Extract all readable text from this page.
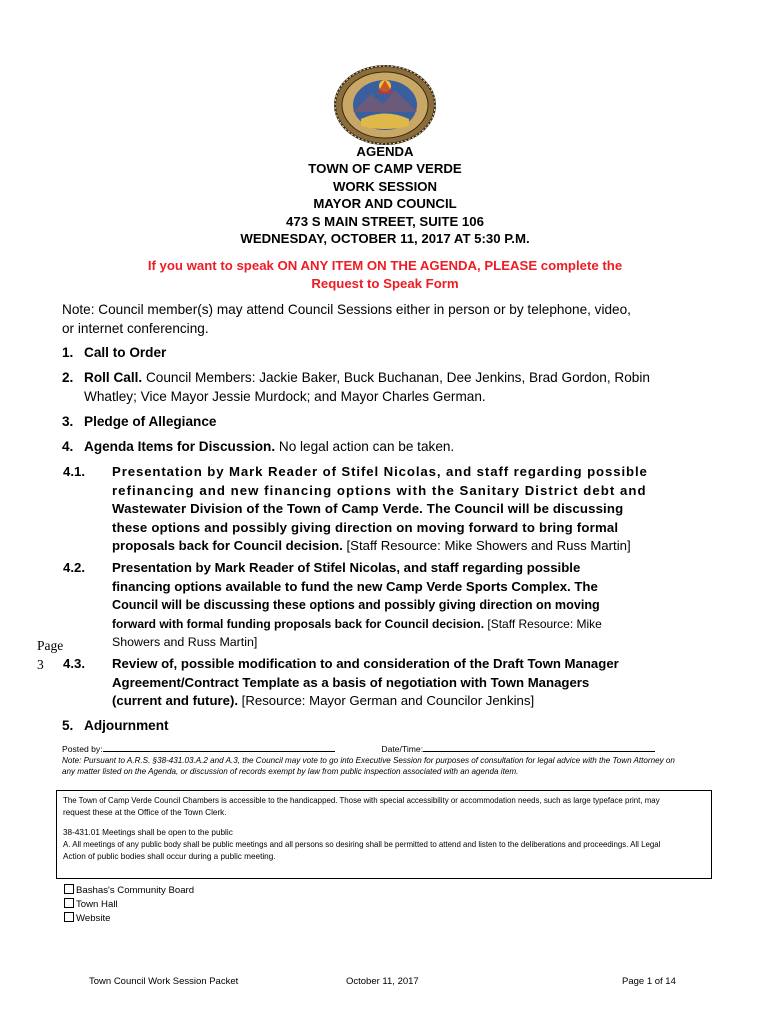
AGENDA
TOWN OF CAMP VERDE
WORK SESSION
MAYOR AND COUNCIL
473 S MAIN STREET, SUITE 106
WEDNESDAY, OCTOBER 11, 2017 AT 5:30 P.M.
If you want to speak ON ANY ITEM ON THE AGENDA, PLEASE complete the
Request to Speak Form
Note: Council member(s) may attend Council Sessions either in person or by telephone, video,
or internet conferencing.
1. Call to Order
2. Roll Call. Council Members: Jackie Baker, Buck Buchanan, Dee Jenkins, Brad Gordon, Robin
Whatley; Vice Mayor Jessie Murdock; and Mayor Charles German.
3. Pledge of Allegiance
4. Agenda Items for Discussion. No legal action can be taken.
4.1. Presentation by Mark Reader of Stifel Nicolas, and staff regarding possible
refinancing and new financing options with the Sanitary District debt and
Wastewater Division of the Town of Camp Verde. The Council will be discussing
these options and possibly giving direction on moving forward to bring formal
proposals back for Council decision. [Staff Resource: Mike Showers and Russ Martin]
4.2. Presentation by Mark Reader of Stifel Nicolas, and staff regarding possible
financing options available to fund the new Camp Verde Sports Complex. The
Council will be discussing these options and possibly giving direction on moving
forward with formal funding proposals back for Council decision. [Staff Resource: Mike
Showers and Russ Martin]
Page
3	4.3. Review of, possible modification to and consideration of the Draft Town Manager
Agreement/Contract Template as a basis of negotiation with Town Managers
(current and future). [Resource: Mayor German and Councilor Jenkins]
5. Adjournment
Posted by:	Date/Time:
Note: Pursuant to A.R.S. §38-431.03.A.2 and A.3, the Council may vote to go into Executive Session for purposes of consultation for legal advice with the Town Attorney on
any matter listed on the Agenda, or discussion of records exempt by law from public inspection associated with an agenda item.

The Town of Camp Verde Council Chambers is accessible to the handicapped. Those with special accessibility or accommodation needs, such as large typeface print, may
request these at the Office of the Town Clerk.

38-431.01 Meetings shall be open to the public
A. All meetings of any public body shall be public meetings and all persons so desiring shall be permitted to attend and listen to the deliberations and proceedings. All Legal
Action of public bodies shall occur during a public meeting.

Bashas's Community Board
Town Hall
Website
Town Council Work Session Packet	October 11, 2017	Page 1 of 14
